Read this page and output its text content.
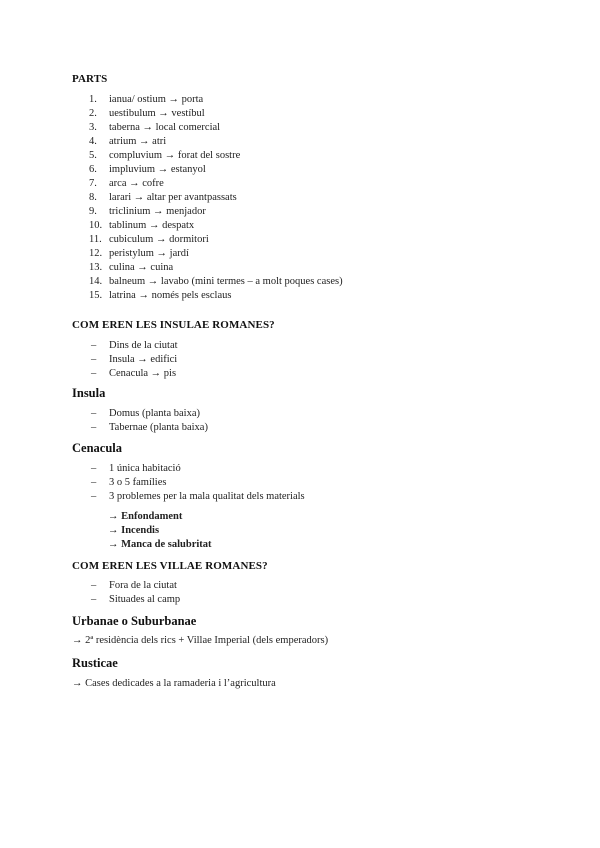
PARTS
1.	ianua/ ostium → porta
2.	uestibulum → vestíbul
3.	taberna → local comercial
4.	atrium → atri
5.	compluvium → forat del sostre
6.	impluvium → estanyol
7.	arca → cofre
8.	larari → altar per avantpassats
9.	triclinium → menjador
10. tablinum → despatx
11. cubiculum → dormitori
12. peristylum → jardí
13. culina → cuina
14. balneum → lavabo (mini termes – a molt poques cases)
15. latrina → només pels esclaus
COM EREN LES INSULAE ROMANES?
– Dins de la ciutat
– Insula → edifici
– Cenacula → pis
Insula
– Domus (planta baixa)
– Tabernae (planta baixa)
Cenacula
– 1 única habitació
– 3 o 5 famílies
– 3 problemes per la mala qualitat dels materials
→ Enfondament
→ Incendis
→ Manca de salubritat
COM EREN LES VILLAE ROMANES?
– Fora de la ciutat
– Situades al camp
Urbanae o Suburbanae
→ 2ª residència dels rics + Villae Imperial (dels emperadors)
Rusticae
→ Cases dedicades a la ramaderia i l’agricultura
